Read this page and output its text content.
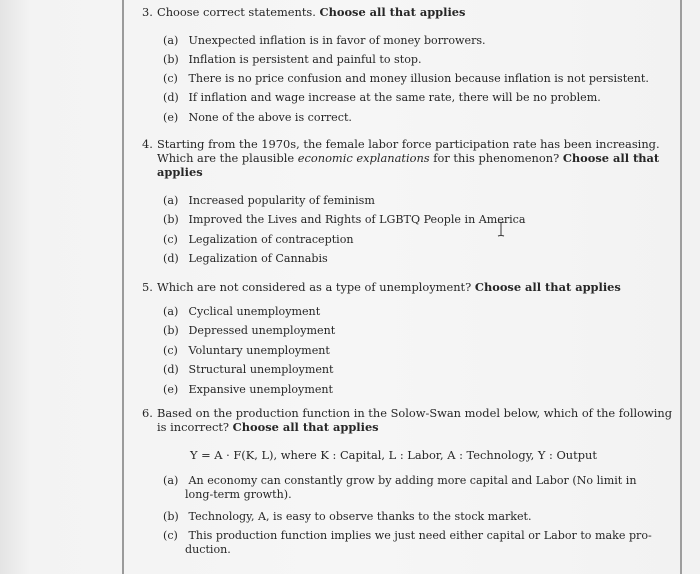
3. Choose correct statements. Choose all that applies
(a) Unexpected inflation is in favor of money borrowers.
(b) Inflation is persistent and painful to stop.
(c) There is no price confusion and money illusion because inflation is not persistent.
(d) If inflation and wage increase at the same rate, there will be no problem.
(e) None of the above is correct.
4. Starting from the 1970s, the female labor force participation rate has been increasing.
Which are the plausible economic explanations for this phenomenon? Choose all that
applies
(a) Increased popularity of feminism
(b) Improved the Lives and Rights of LGBTQ People in America
(c) Legalization of contraception
(d) Legalization of Cannabis
5. Which are not considered as a type of unemployment? Choose all that applies
(a) Cyclical unemployment
(b) Depressed unemployment
(c) Voluntary unemployment
(d) Structural unemployment
(e) Expansive unemployment
6. Based on the production function in the Solow-Swan model below, which of the following
is incorrect? Choose all that applies
Y = A · F(K, L), where K : Capital, L : Labor, A : Technology, Y : Output
(a) An economy can constantly grow by adding more capital and Labor (No limit in
long-term growth).
(b) Technology, A, is easy to observe thanks to the stock market.
(c) This production function implies we just need either capital or Labor to make pro-
duction.
